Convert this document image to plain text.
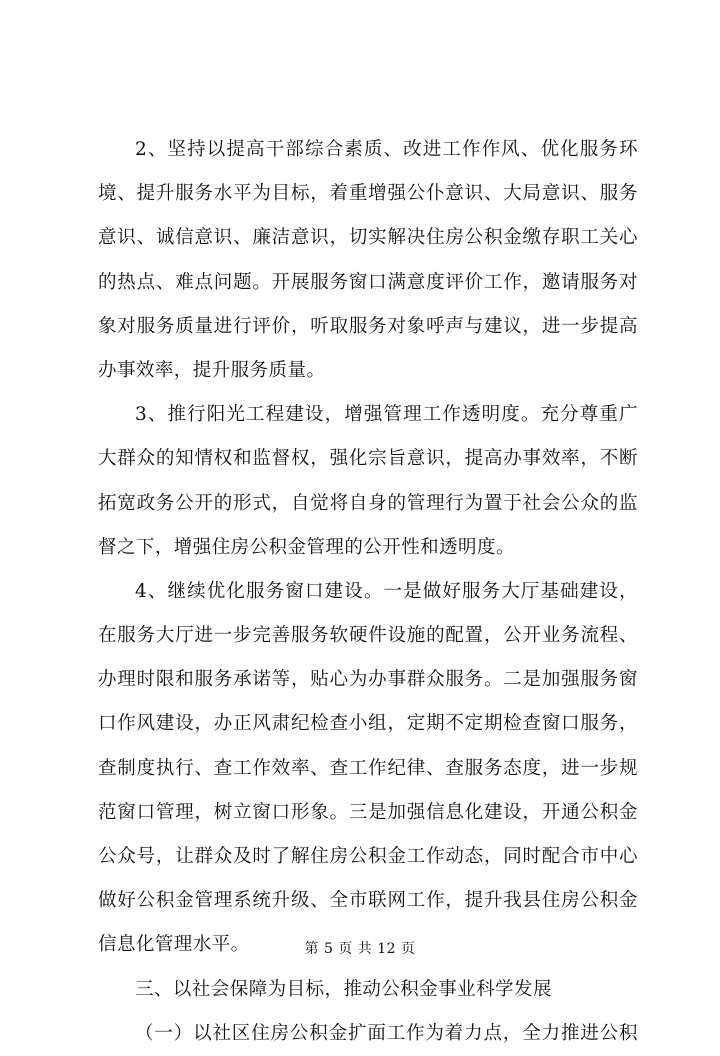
2、坚持以提高干部综合素质、改进工作作风、优化服务环
境、提升服务水平为目标，着重增强公仆意识、大局意识、服务
意识、诚信意识、廉洁意识，切实解决住房公积金缴存职工关心
的热点、难点问题。开展服务窗口满意度评价工作，邀请服务对
象对服务质量进行评价，听取服务对象呼声与建议，进一步提高
办事效率，提升服务质量。
3、推行阳光工程建设，增强管理工作透明度。充分尊重广
大群众的知情权和监督权，强化宗旨意识，提高办事效率，不断
拓宽政务公开的形式，自觉将自身的管理行为置于社会公众的监
督之下，增强住房公积金管理的公开性和透明度。
4、继续优化服务窗口建设。一是做好服务大厅基础建设，
在服务大厅进一步完善服务软硬件设施的配置，公开业务流程、
办理时限和服务承诺等，贴心为办事群众服务。二是加强服务窗
口作风建设，办正风肃纪检查小组，定期不定期检查窗口服务，
查制度执行、查工作效率、查工作纪律、查服务态度，进一步规
范窗口管理，树立窗口形象。三是加强信息化建设，开通公积金
公众号，让群众及时了解住房公积金工作动态，同时配合市中心
做好公积金管理系统升级、全市联网工作，提升我县住房公积金
信息化管理水平。
三、以社会保障为目标，推动公积金事业科学发展
（一）以社区住房公积金扩面工作为着力点，全力推进公积
第 5 页 共 12 页
